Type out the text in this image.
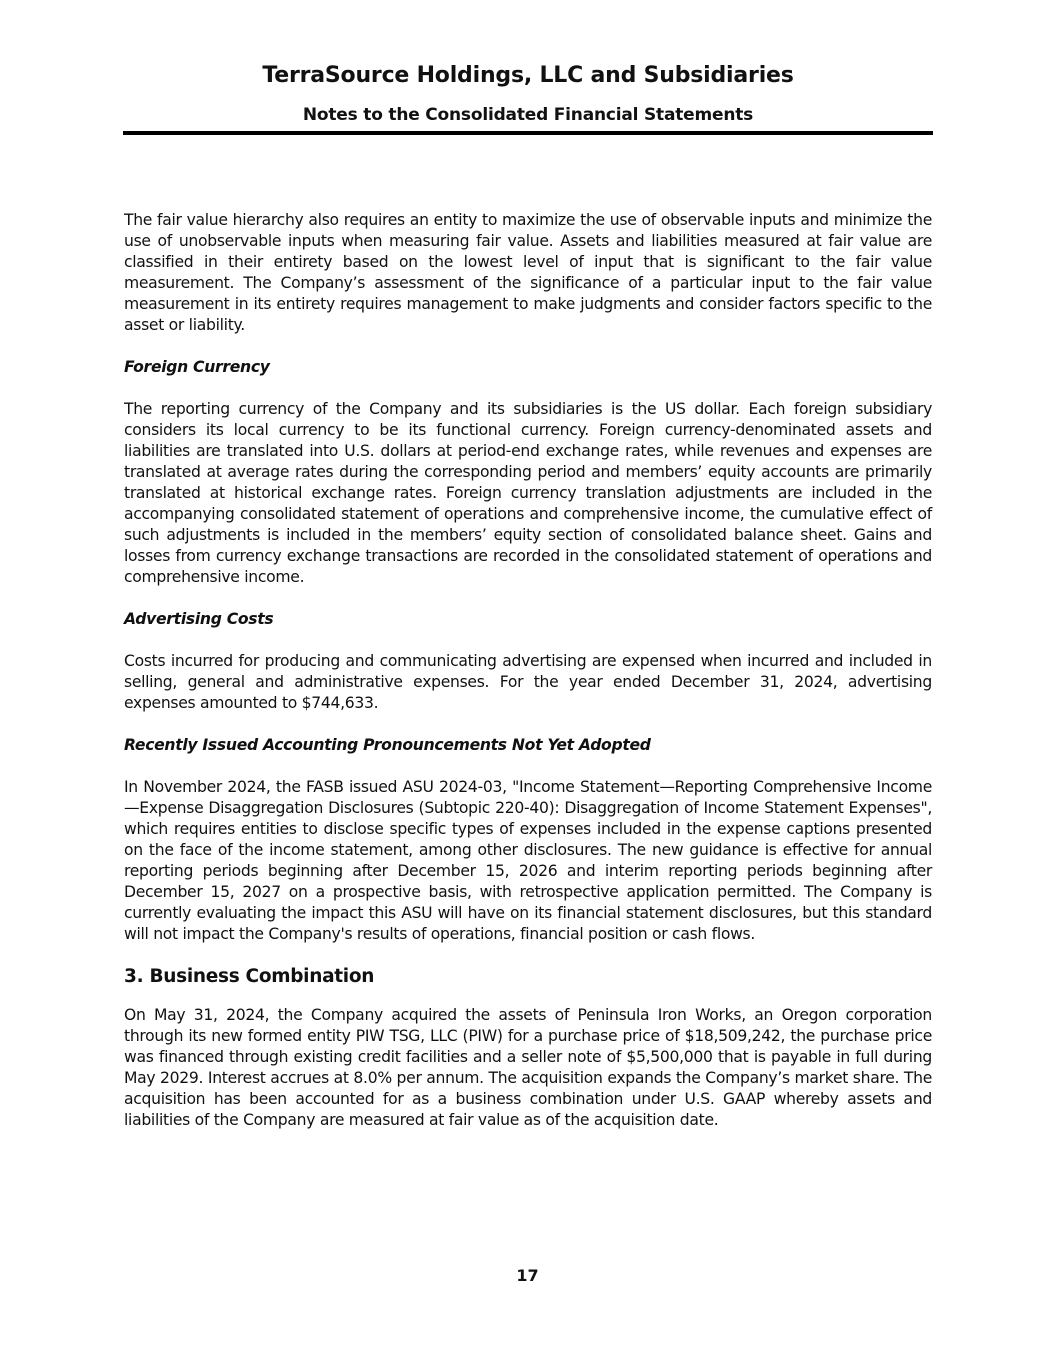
TerraSource Holdings, LLC and Subsidiaries
Notes to the Consolidated Financial Statements

The fair value hierarchy also requires an entity to maximize the use of observable inputs and minimize the use of unobservable inputs when measuring fair value. Assets and liabilities measured at fair value are classified in their entirety based on the lowest level of input that is significant to the fair value measurement. The Company’s assessment of the significance of a particular input to the fair value measurement in its entirety requires management to make judgments and consider factors specific to the asset or liability.

Foreign Currency

The reporting currency of the Company and its subsidiaries is the US dollar. Each foreign subsidiary considers its local currency to be its functional currency. Foreign currency-denominated assets and liabilities are translated into U.S. dollars at period-end exchange rates, while revenues and expenses are translated at average rates during the corresponding period and members’ equity accounts are primarily translated at historical exchange rates. Foreign currency translation adjustments are included in the accompanying consolidated statement of operations and comprehensive income, the cumulative effect of such adjustments is included in the members’ equity section of consolidated balance sheet. Gains and losses from currency exchange transactions are recorded in the consolidated statement of operations and comprehensive income.

Advertising Costs

Costs incurred for producing and communicating advertising are expensed when incurred and included in selling, general and administrative expenses. For the year ended December 31, 2024, advertising expenses amounted to $744,633.

Recently Issued Accounting Pronouncements Not Yet Adopted

In November 2024, the FASB issued ASU 2024-03, "Income Statement—Reporting Comprehensive Income—Expense Disaggregation Disclosures (Subtopic 220-40): Disaggregation of Income Statement Expenses", which requires entities to disclose specific types of expenses included in the expense captions presented on the face of the income statement, among other disclosures. The new guidance is effective for annual reporting periods beginning after December 15, 2026 and interim reporting periods beginning after December 15, 2027 on a prospective basis, with retrospective application permitted. The Company is currently evaluating the impact this ASU will have on its financial statement disclosures, but this standard will not impact the Company's results of operations, financial position or cash flows.

3. Business Combination

On May 31, 2024, the Company acquired the assets of Peninsula Iron Works, an Oregon corporation through its new formed entity PIW TSG, LLC (PIW) for a purchase price of $18,509,242, the purchase price was financed through existing credit facilities and a seller note of $5,500,000 that is payable in full during May 2029. Interest accrues at 8.0% per annum. The acquisition expands the Company’s market share. The acquisition has been accounted for as a business combination under U.S. GAAP whereby assets and liabilities of the Company are measured at fair value as of the acquisition date.

17
